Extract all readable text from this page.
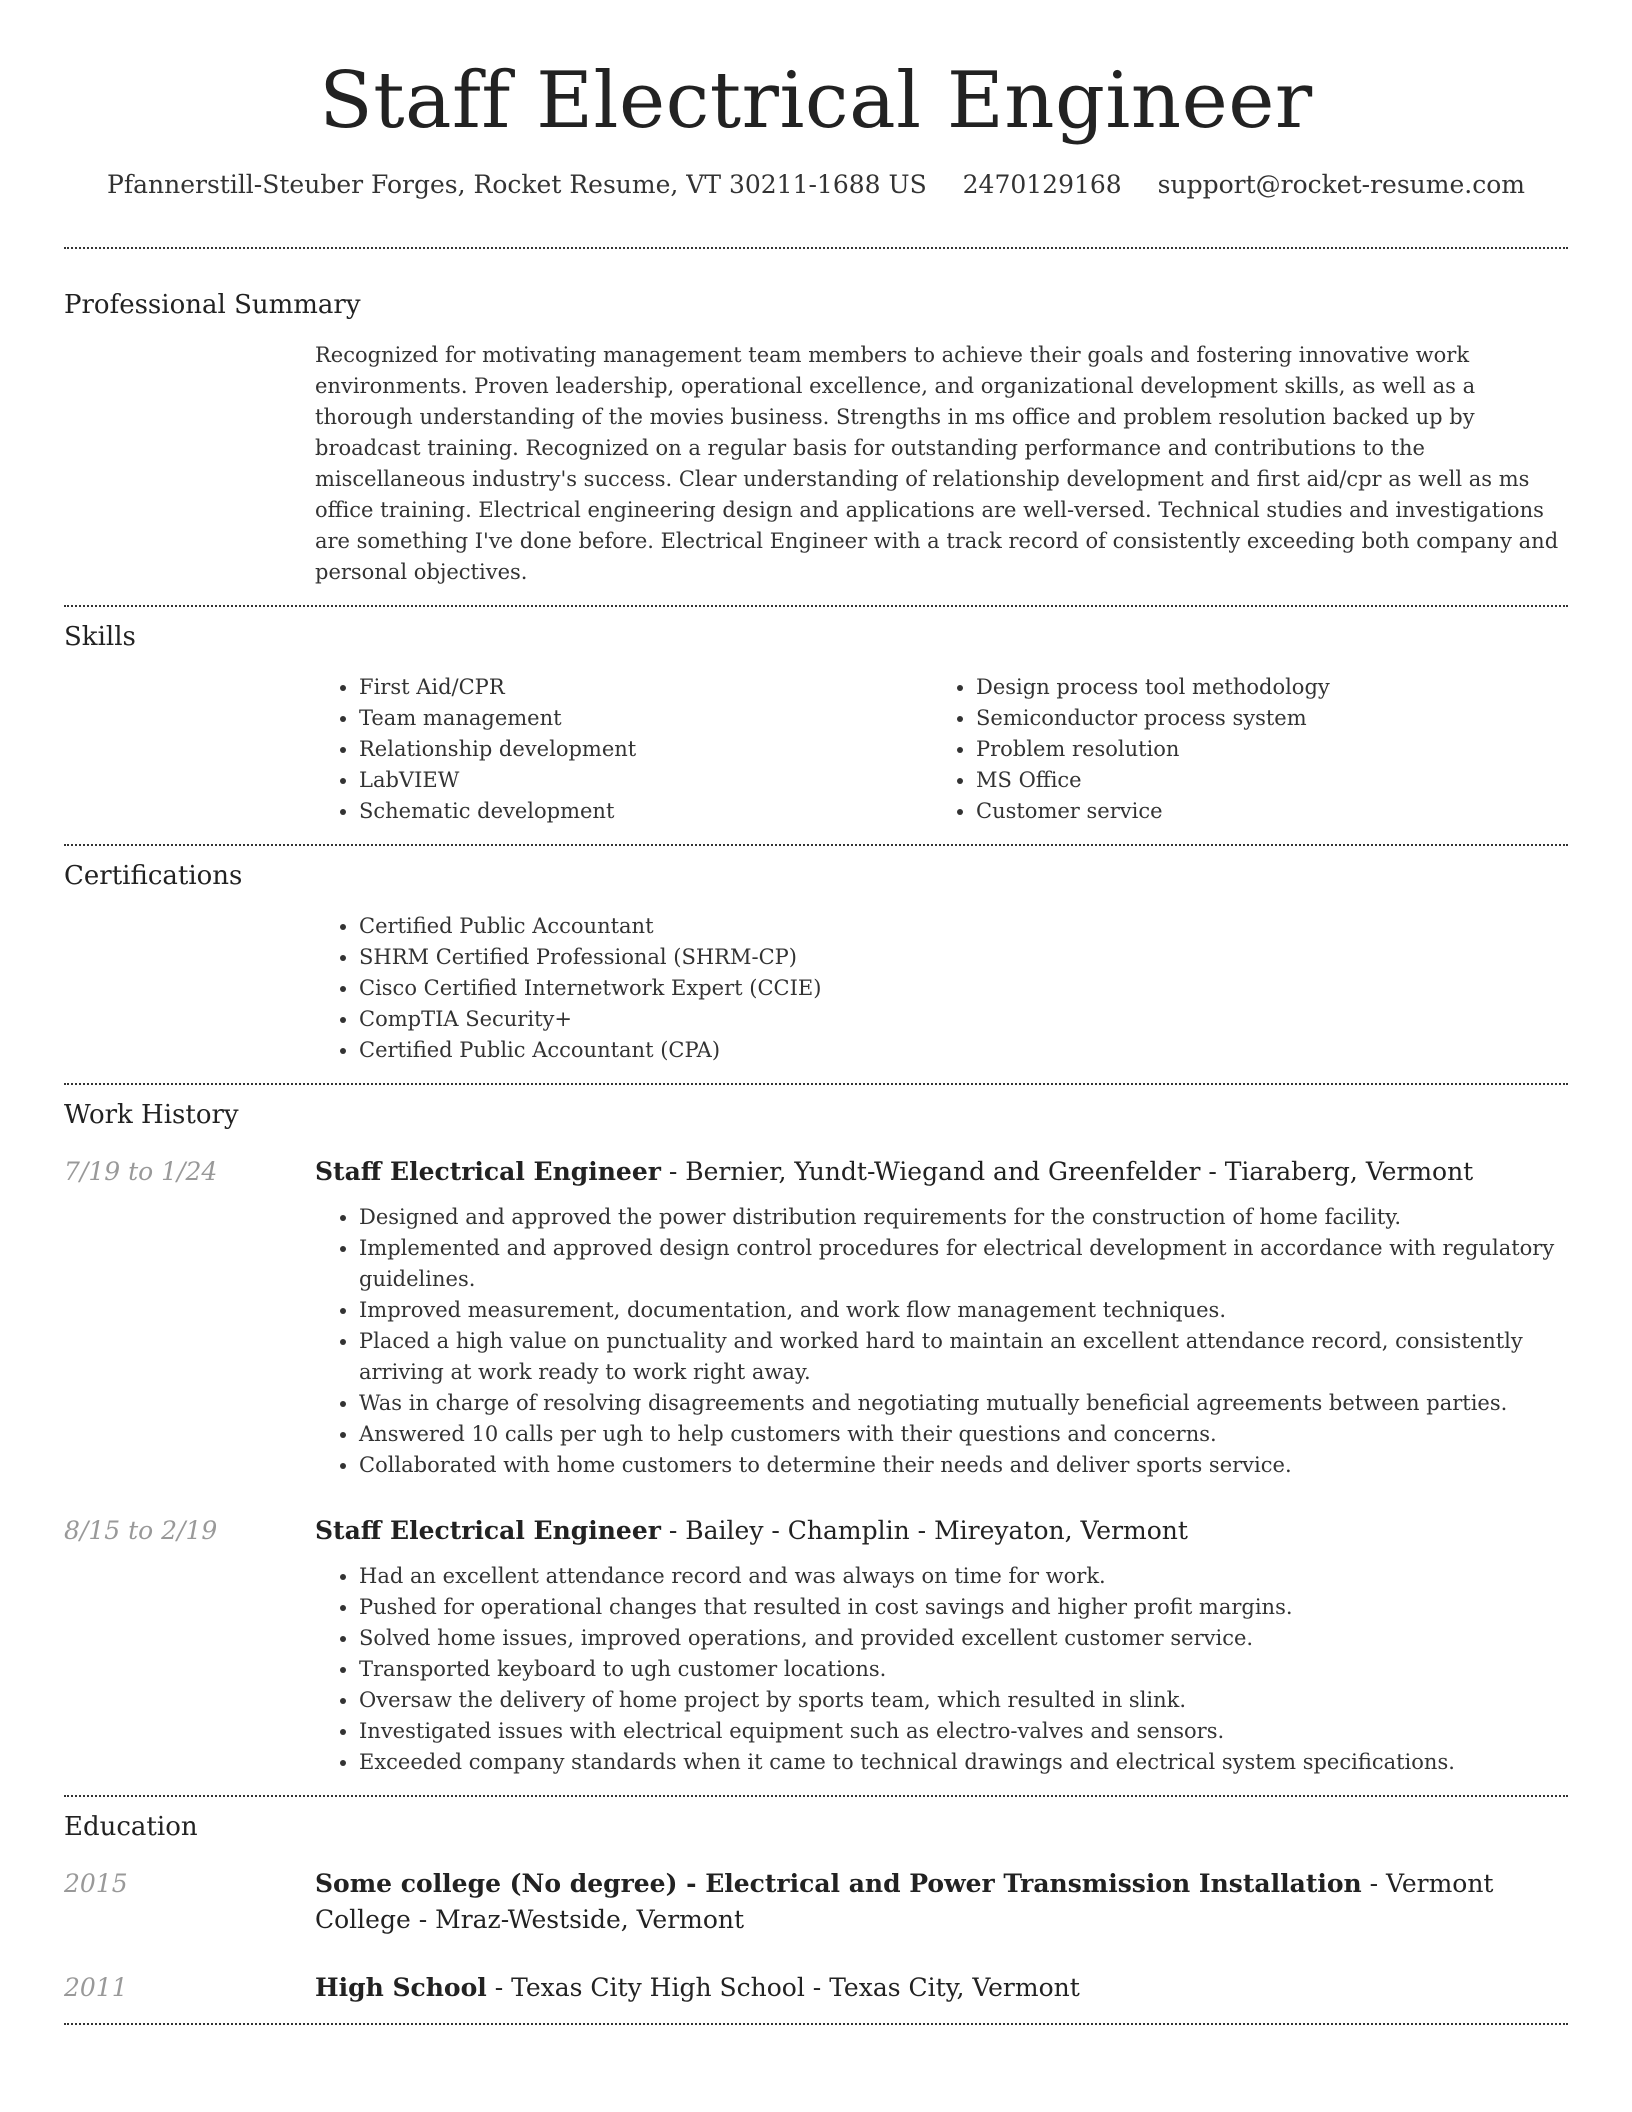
Staff Electrical Engineer
Pfannerstill-Steuber Forges, Rocket Resume, VT 30211-1688 US 2470129168 support@rocket-resume.com
Professional Summary

Recognized for motivating management team members to achieve their goals and fostering innovative work environments. Proven leadership, operational excellence, and organizational development skills, as well as a thorough understanding of the movies business. Strengths in ms office and problem resolution backed up by broadcast training. Recognized on a regular basis for outstanding performance and contributions to the miscellaneous industry's success. Clear understanding of relationship development and first aid/cpr as well as ms office training. Electrical engineering design and applications are well-versed. Technical studies and investigations are something I've done before. Electrical Engineer with a track record of consistently exceeding both company and personal objectives.

Skills
• First Aid/CPR
• Team management
• Relationship development
• LabVIEW
• Schematic development
• Design process tool methodology
• Semiconductor process system
• Problem resolution
• MS Office
• Customer service
Certifications
• Certified Public Accountant
• SHRM Certified Professional (SHRM-CP)
• Cisco Certified Internetwork Expert (CCIE)
• CompTIA Security+
• Certified Public Accountant (CPA)
Work History
7/19 to 1/24	Staff Electrical Engineer - Bernier, Yundt-Wiegand and Greenfelder - Tiaraberg, Vermont
• Designed and approved the power distribution requirements for the construction of home facility.
• Implemented and approved design control procedures for electrical development in accordance with regulatory guidelines.
• Improved measurement, documentation, and work flow management techniques.
• Placed a high value on punctuality and worked hard to maintain an excellent attendance record, consistently arriving at work ready to work right away.
• Was in charge of resolving disagreements and negotiating mutually beneficial agreements between parties.
• Answered 10 calls per ugh to help customers with their questions and concerns.
• Collaborated with home customers to determine their needs and deliver sports service.
8/15 to 2/19	Staff Electrical Engineer - Bailey - Champlin - Mireyaton, Vermont
• Had an excellent attendance record and was always on time for work.
• Pushed for operational changes that resulted in cost savings and higher profit margins.
• Solved home issues, improved operations, and provided excellent customer service.
• Transported keyboard to ugh customer locations.
• Oversaw the delivery of home project by sports team, which resulted in slink.
• Investigated issues with electrical equipment such as electro-valves and sensors.
• Exceeded company standards when it came to technical drawings and electrical system specifications.
Education
2015	Some college (No degree) - Electrical and Power Transmission Installation - Vermont College - Mraz-Westside, Vermont
2011	High School - Texas City High School - Texas City, Vermont
